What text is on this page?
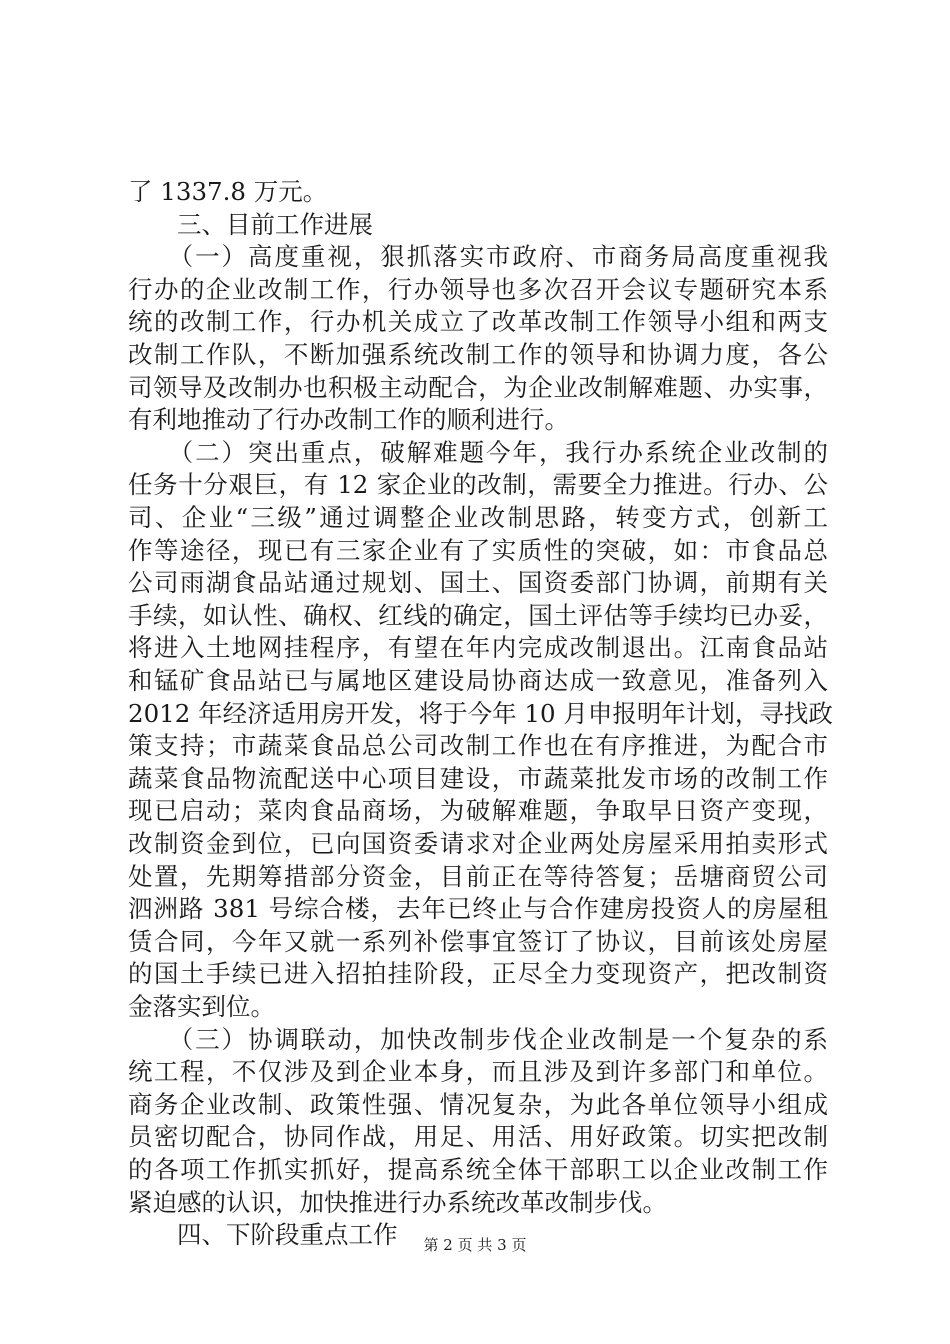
了 1337.8 万元。
　　三、目前工作进展
　　（一）高度重视，狠抓落实市政府、市商务局高度重视我
行办的企业改制工作，行办领导也多次召开会议专题研究本系
统的改制工作，行办机关成立了改革改制工作领导小组和两支
改制工作队，不断加强系统改制工作的领导和协调力度，各公
司领导及改制办也积极主动配合，为企业改制解难题、办实事，
有利地推动了行办改制工作的顺利进行。
　　（二）突出重点，破解难题今年，我行办系统企业改制的
任务十分艰巨，有 12 家企业的改制，需要全力推进。行办、公
司、企业“三级”通过调整企业改制思路，转变方式，创新工
作等途径，现已有三家企业有了实质性的突破，如：市食品总
公司雨湖食品站通过规划、国土、国资委部门协调，前期有关
手续，如认性、确权、红线的确定，国土评估等手续均已办妥，
将进入土地网挂程序，有望在年内完成改制退出。江南食品站
和锰矿食品站已与属地区建设局协商达成一致意见，准备列入
2012 年经济适用房开发，将于今年 10 月申报明年计划，寻找政
策支持；市蔬菜食品总公司改制工作也在有序推进，为配合市
蔬菜食品物流配送中心项目建设，市蔬菜批发市场的改制工作
现已启动；菜肉食品商场，为破解难题，争取早日资产变现，
改制资金到位，已向国资委请求对企业两处房屋采用拍卖形式
处置，先期筹措部分资金，目前正在等待答复；岳塘商贸公司
泗洲路 381 号综合楼，去年已终止与合作建房投资人的房屋租
赁合同，今年又就一系列补偿事宜签订了协议，目前该处房屋
的国土手续已进入招拍挂阶段，正尽全力变现资产，把改制资
金落实到位。
　　（三）协调联动，加快改制步伐企业改制是一个复杂的系
统工程，不仅涉及到企业本身，而且涉及到许多部门和单位。
商务企业改制、政策性强、情况复杂，为此各单位领导小组成
员密切配合，协同作战，用足、用活、用好政策。切实把改制
的各项工作抓实抓好，提高系统全体干部职工以企业改制工作
紧迫感的认识，加快推进行办系统改革改制步伐。
　　四、下阶段重点工作	第 2 页 共 3 页
